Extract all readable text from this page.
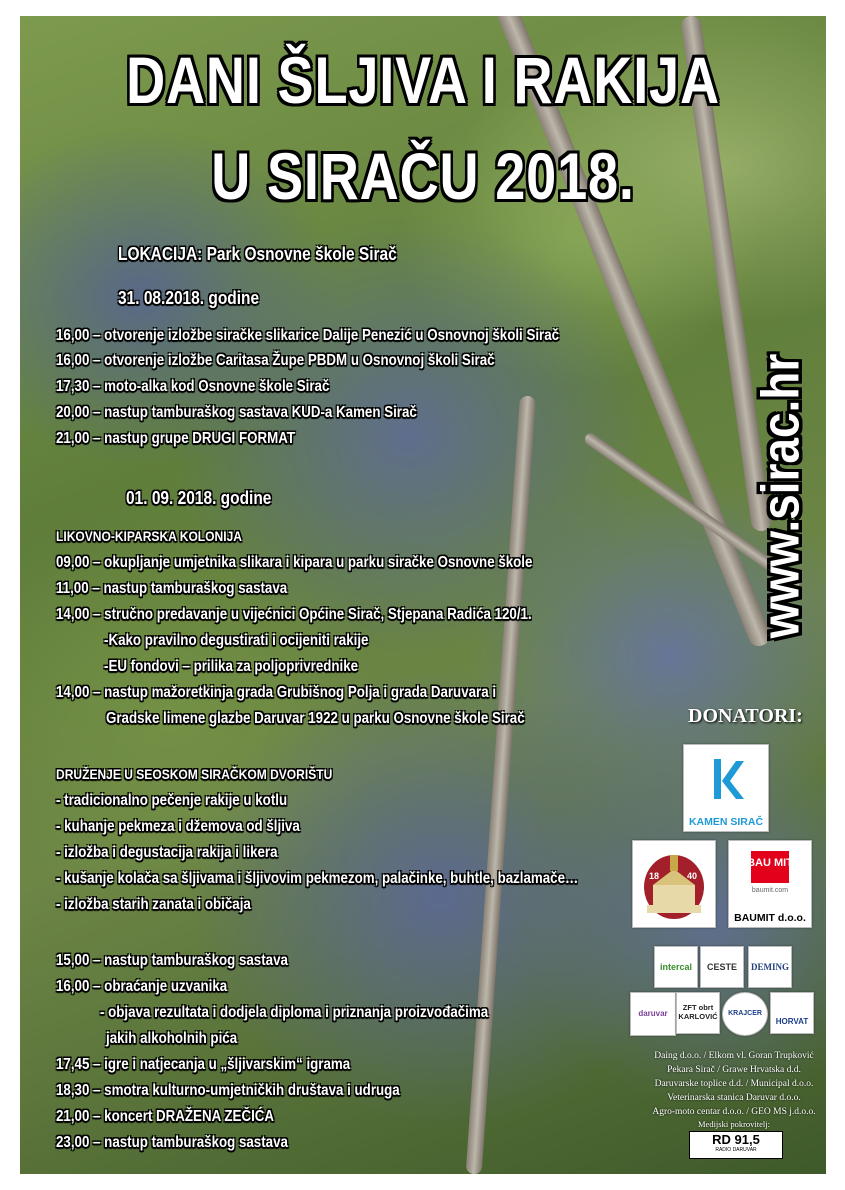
DANI ŠLJIVA I RAKIJA
U SIRAČU 2018.
LOKACIJA: Park Osnovne škole Sirač
31. 08.2018. godine
16,00 – otvorenje izložbe siračke slikarice Dalije Penezić u Osnovnoj školi Sirač
16,00 – otvorenje izložbe Caritasa Župe PBDM u Osnovnoj školi Sirač
17,30 – moto-alka kod Osnovne škole Sirač
20,00 – nastup tamburaškog sastava KUD-a Kamen Sirač
21,00 – nastup grupe DRUGI FORMAT
01. 09. 2018. godine
LIKOVNO-KIPARSKA KOLONIJA
09,00 – okupljanje umjetnika slikara i kipara u parku siračke Osnovne škole
11,00 – nastup tamburaškog sastava
14,00 – stručno predavanje u vijećnici Općine Sirač, Stjepana Radića 120/1.
-Kako pravilno degustirati i ocijeniti rakije
-EU fondovi – prilika za poljoprivrednike
14,00 – nastup mažoretkinja grada Grubišnog Polja i grada Daruvara i
Gradske limene glazbe Daruvar 1922 u parku Osnovne škole Sirač
DRUŽENJE U SEOSKOM SIRAČKOM DVORIŠTU
- tradicionalno pečenje rakije u kotlu
- kuhanje pekmeza i džemova od šljiva
- izložba i degustacija rakija i likera
- kušanje kolača sa šljivama i šljivovim pekmezom, palačinke, buhtle, bazlamače…
- izložba starih zanata i običaja
15,00 – nastup tamburaškog sastava
16,00 – obraćanje uzvanika
- objava rezultata i dodjela diploma i priznanja proizvođačima
jakih alkoholnih pića
17,45 – igre i natjecanja u „šljivarskim“ igrama
18,30 – smotra kulturno-umjetničkih društava i udruga
21,00 – koncert DRAŽENA ZEČIĆA
23,00 – nastup tamburaškog sastava
www.sirac.hr
DONATORI:
KAMEN SIRAČ
18	40
BAU MIT
baumit.com
BAUMIT d.o.o.
intercal	CESTE	DEMING
daruvar
ZFT obrt KARLOVIĆ	KRAJCER
HORVAT
Daing d.o.o. / Elkom vl. Goran Trupković
Pekara Sirač / Grawe Hrvatska d.d.
Daruvarske toplice d.d. / Municipal d.o.o.
Veterinarska stanica Daruvar d.o.o.
Agro-moto centar d.o.o. / GEO MS j.d.o.o.
Medijski pokrovitelj:
RD 91,5
RADIO DARUVAR
